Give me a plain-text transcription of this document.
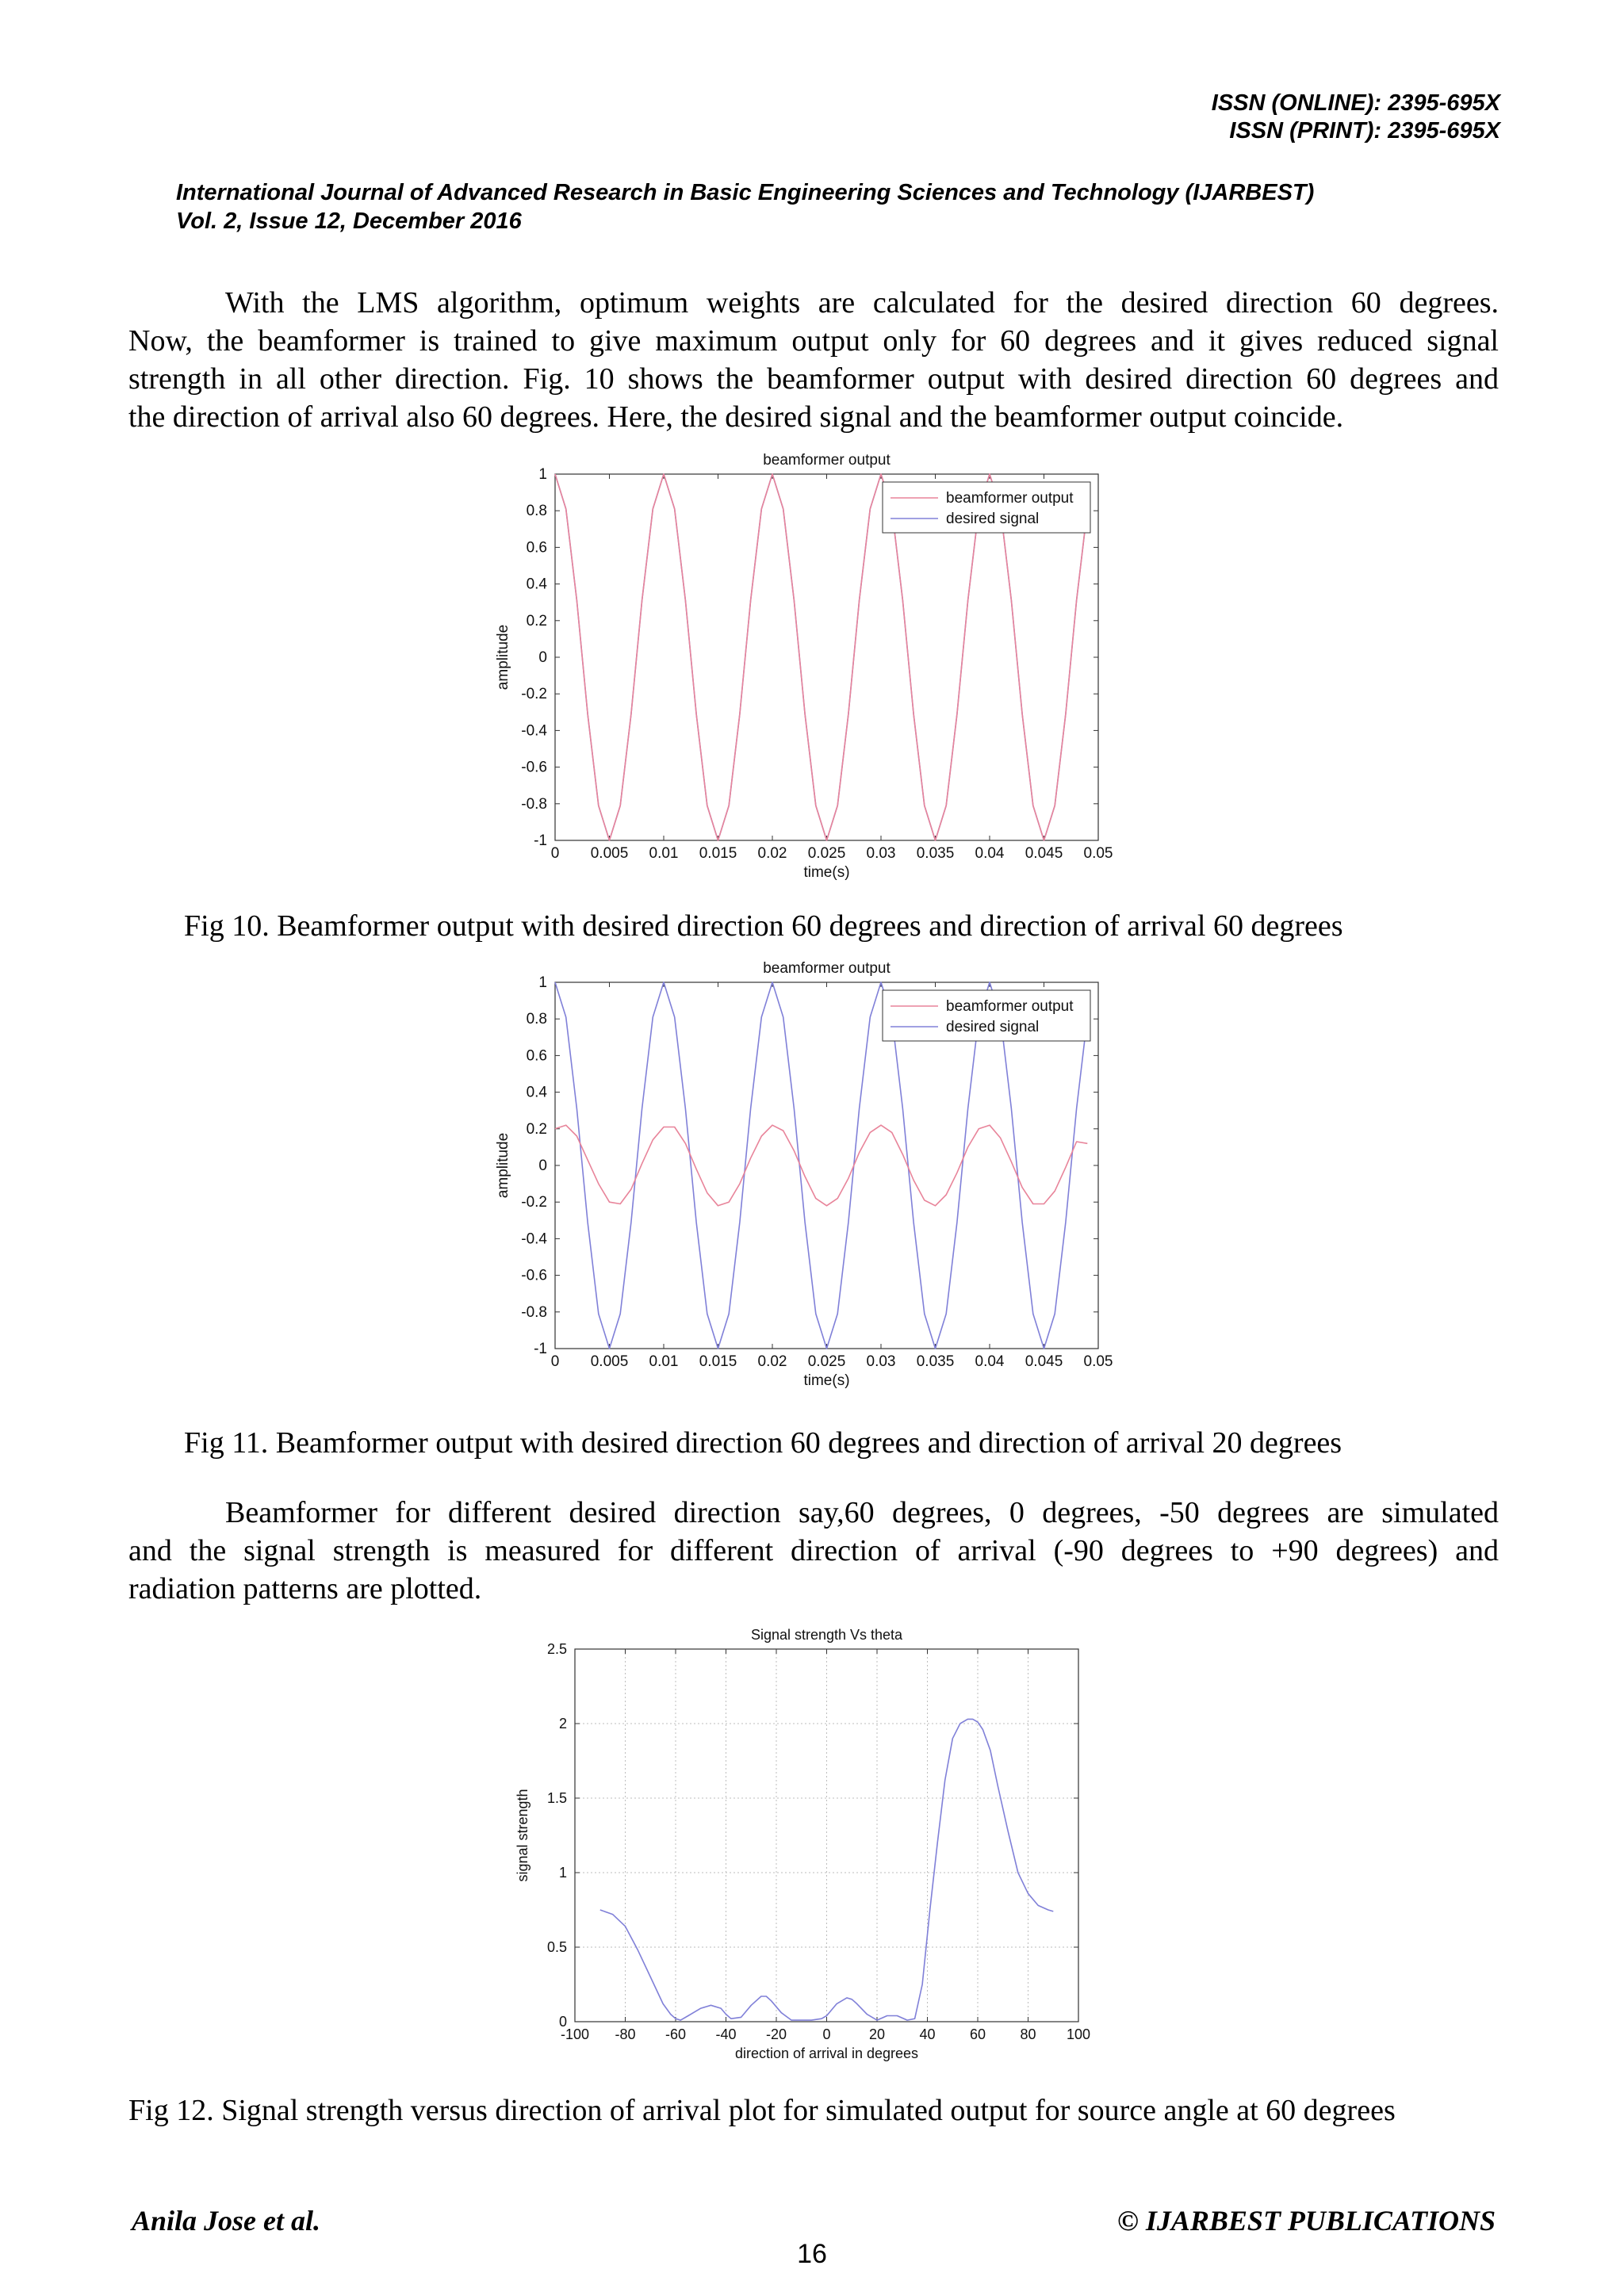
ISSN (ONLINE): 2395-695X
ISSN (PRINT): 2395-695X
International Journal of Advanced Research in Basic Engineering Sciences and Technology (IJARBEST)
Vol. 2, Issue 12, December 2016
With the LMS algorithm, optimum weights are calculated for the desired direction 60 degrees.
Now, the beamformer is trained to give maximum output only for 60 degrees and it gives reduced signal
strength in all other direction. Fig. 10 shows the beamformer output with desired direction 60 degrees and
the direction of arrival also 60 degrees. Here, the desired signal and the beamformer output coincide.
0 0.005 0.01 0.015 0.02 0.025 0.03 0.035 0.04 0.045 0.05
-1
-0.8
-0.6
-0.4
-0.2
0
0.2
0.4
0.6
0.8
1
beamformer output
time(s)
amplitude
beamformer output
desired signal
Fig 10. Beamformer output with desired direction 60 degrees and direction of arrival 60 degrees
0 0.005 0.01 0.015 0.02 0.025 0.03 0.035 0.04 0.045 0.05
-1
-0.8
-0.6
-0.4
-0.2
0
0.2
0.4
0.6
0.8
1
beamformer output
time(s)
amplitude
beamformer output
desired signal
Fig 11. Beamformer output with desired direction 60 degrees and direction of arrival 20 degrees
Beamformer for different desired direction say,60 degrees, 0 degrees, -50 degrees are simulated
and the signal strength is measured for different direction of arrival (-90 degrees to +90 degrees) and
radiation patterns are plotted.
-100 -80 -60 -40 -20	0	20 40 60 80 100
0
0.5
1
1.5
2
2.5
Signal strength Vs theta
direction of arrival in degrees
signal strength
Fig 12. Signal strength versus direction of arrival plot for simulated output for source angle at 60 degrees
Anila Jose et al.	© IJARBEST PUBLICATIONS
16
